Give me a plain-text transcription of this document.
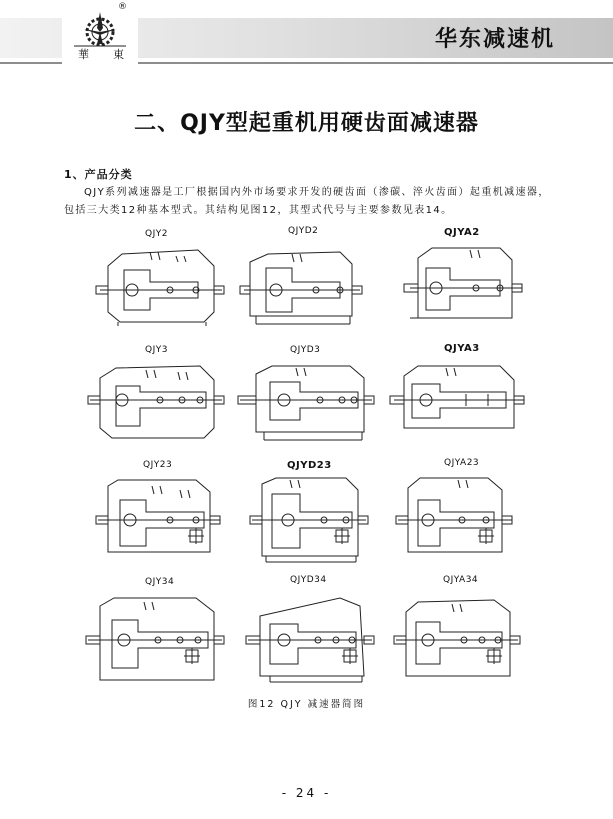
®
華 東
华东减速机
二、QJY型起重机用硬齿面减速器
1、产品分类
QJY系列减速器是工厂根据国内外市场要求开发的硬齿面（渗碳、淬火齿面）起重机减速器，包括三大类12种基本型式。其结构见图12，其型式代号与主要参数见表14。
QJY2	QJYD2	QJYA2
QJY3	QJYD3	QJYA3
QJY23	QJYD23	QJYA23
QJY34	QJYD34	QJYA34
图12 QJY 减速器简图
- 24 -
